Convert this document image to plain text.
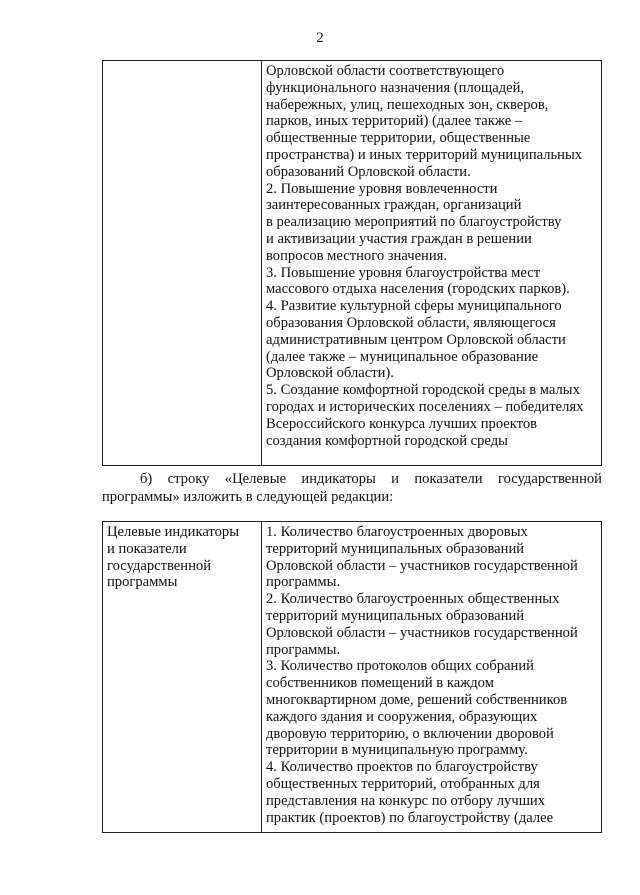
2

Орловской области соответствующего
функционального назначения (площадей,
набережных, улиц, пешеходных зон, скверов,
парков, иных территорий) (далее также –
общественные территории, общественные
пространства) и иных территорий муниципальных
образований Орловской области.
2. Повышение уровня вовлеченности
заинтересованных граждан, организаций
в реализацию мероприятий по благоустройству
и активизации участия граждан в решении
вопросов местного значения.
3. Повышение уровня благоустройства мест
массового отдыха населения (городских парков).
4. Развитие культурной сферы муниципального
образования Орловской области, являющегося
административным центром Орловской области
(далее также – муниципальное образование
Орловской области).
5. Создание комфортной городской среды в малых
городах и исторических поселениях – победителях
Всероссийского конкурса лучших проектов
создания комфортной городской среды
б) строку «Целевые индикаторы и показатели государственной
программы» изложить в следующей редакции:
Целевые индикаторы
и показатели
государственной
программы

1. Количество благоустроенных дворовых
территорий муниципальных образований
Орловской области – участников государственной
программы.
2. Количество благоустроенных общественных
территорий муниципальных образований
Орловской области – участников государственной
программы.
3. Количество протоколов общих собраний
собственников помещений в каждом
многоквартирном доме, решений собственников
каждого здания и сооружения, образующих
дворовую территорию, о включении дворовой
территории в муниципальную программу.
4. Количество проектов по благоустройству
общественных территорий, отобранных для
представления на конкурс по отбору лучших
практик (проектов) по благоустройству (далее
